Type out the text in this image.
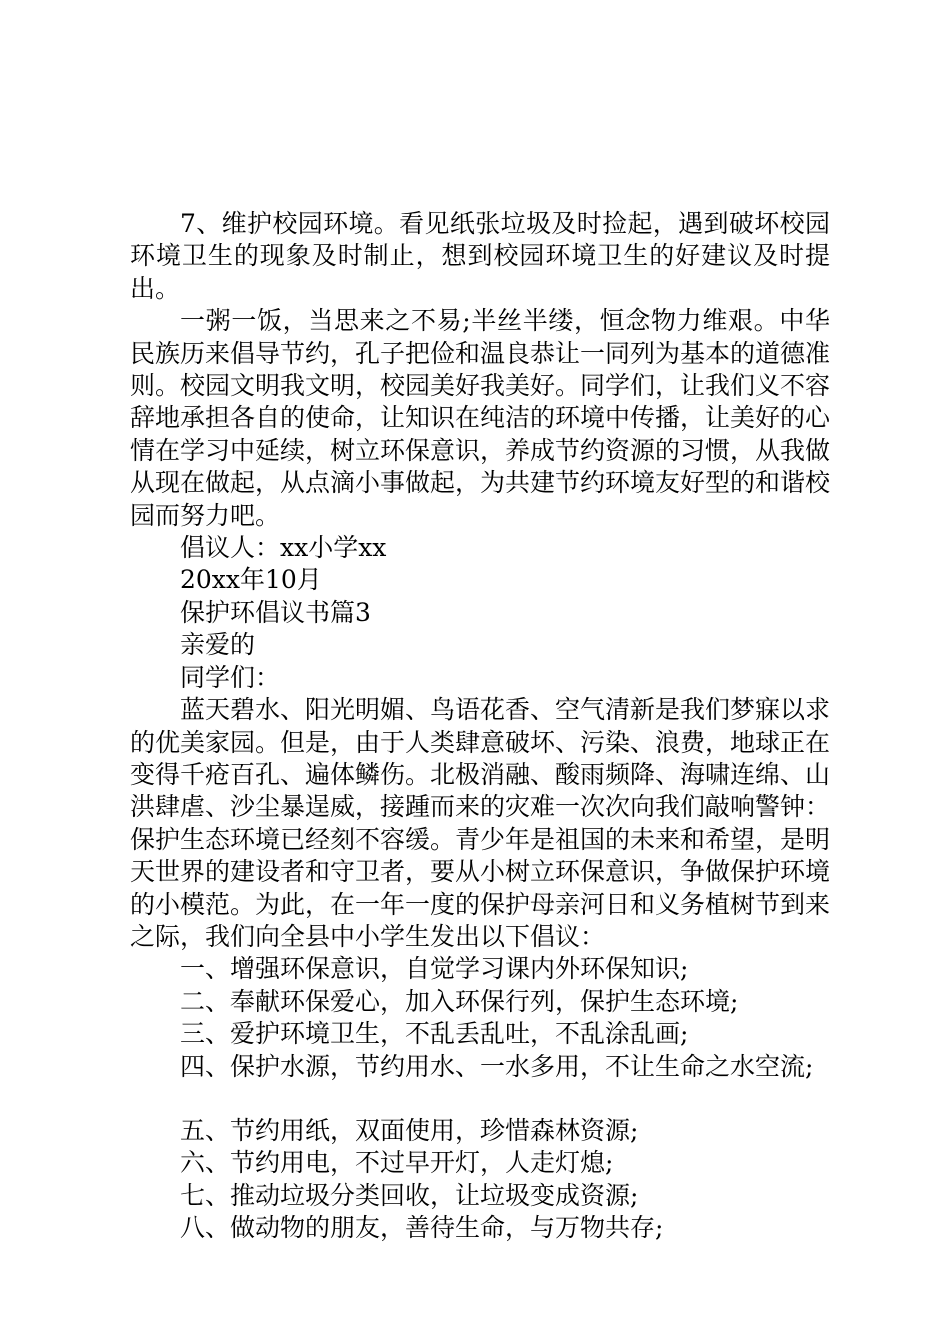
7、维护校园环境。看见纸张垃圾及时捡起，遇到破坏校园环境卫生的现象及时制止，想到校园环境卫生的好建议及时提出。

一粥一饭，当思来之不易;半丝半缕，恒念物力维艰。中华民族历来倡导节约，孔子把俭和温良恭让一同列为基本的道德准则。校园文明我文明，校园美好我美好。同学们，让我们义不容辞地承担各自的使命，让知识在纯洁的环境中传播，让美好的心情在学习中延续，树立环保意识，养成节约资源的习惯，从我做从现在做起，从点滴小事做起，为共建节约环境友好型的和谐校园而努力吧。

倡议人：xx小学xx

20xx年10月

保护环倡议书篇3

亲爱的

同学们：

蓝天碧水、阳光明媚、鸟语花香、空气清新是我们梦寐以求的优美家园。但是，由于人类肆意破坏、污染、浪费，地球正在变得千疮百孔、遍体鳞伤。北极消融、酸雨频降、海啸连绵、山洪肆虐、沙尘暴逞威，接踵而来的灾难一次次向我们敲响警钟：保护生态环境已经刻不容缓。青少年是祖国的未来和希望，是明天世界的建设者和守卫者，要从小树立环保意识，争做保护环境的小模范。为此，在一年一度的保护母亲河日和义务植树节到来之际，我们向全县中小学生发出以下倡议：

一、增强环保意识，自觉学习课内外环保知识;

二、奉献环保爱心，加入环保行列，保护生态环境;

三、爱护环境卫生，不乱丢乱吐，不乱涂乱画;

四、保护水源，节约用水、一水多用，不让生命之水空流;

五、节约用纸，双面使用，珍惜森林资源;

六、节约用电，不过早开灯，人走灯熄;

七、推动垃圾分类回收，让垃圾变成资源;

八、做动物的朋友，善待生命，与万物共存;
